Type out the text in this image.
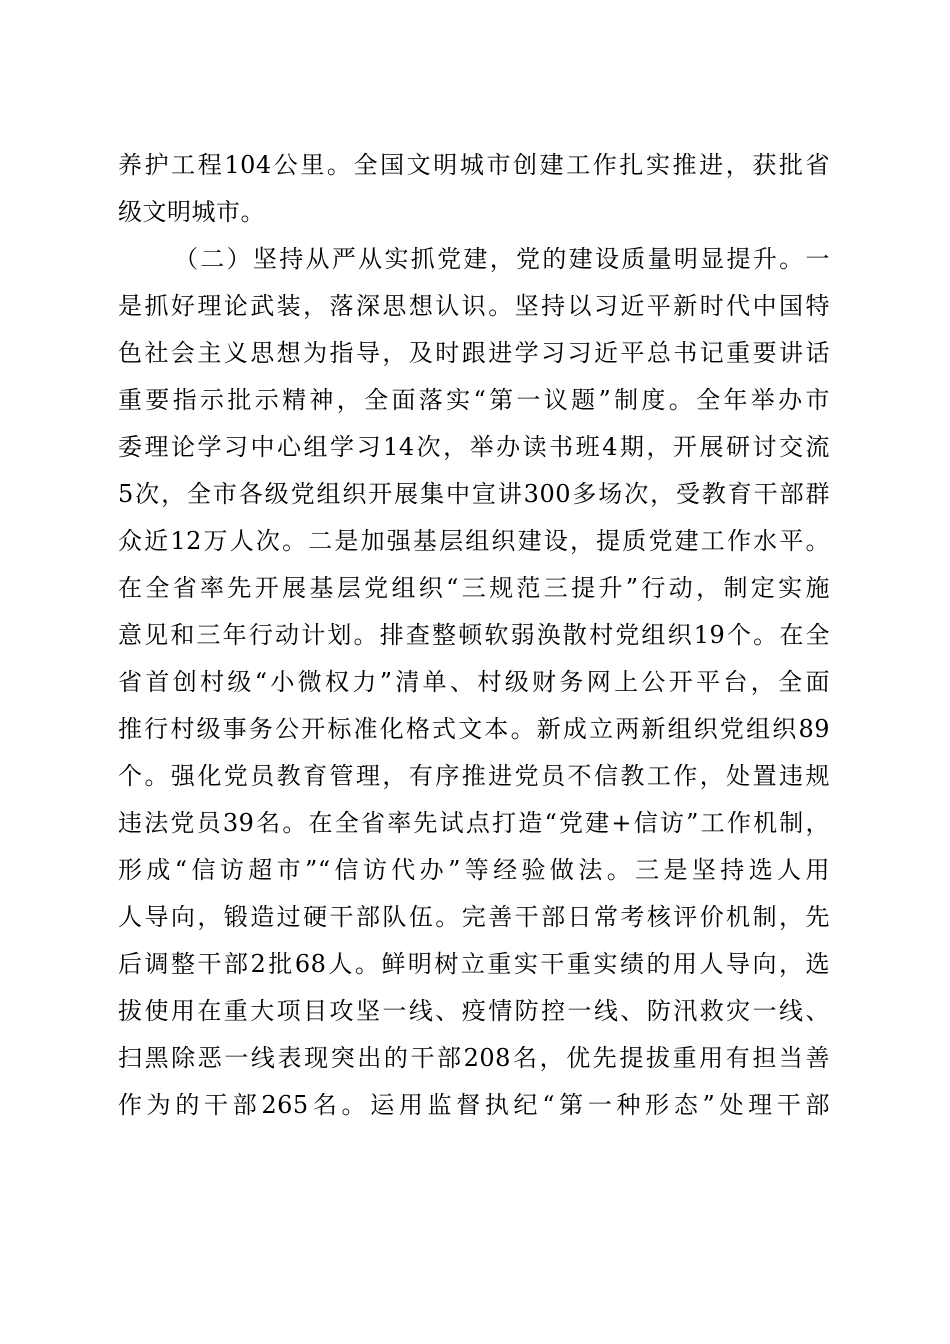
养护工程104公里。全国文明城市创建工作扎实推进，获批省
级文明城市。
（二）坚持从严从实抓党建，党的建设质量明显提升。一
是抓好理论武装，落深思想认识。坚持以习近平新时代中国特
色社会主义思想为指导，及时跟进学习习近平总书记重要讲话
重要指示批示精神，全面落实“第一议题”制度。全年举办市
委理论学习中心组学习14次，举办读书班4期，开展研讨交流
5次，全市各级党组织开展集中宣讲300多场次，受教育干部群
众近12万人次。二是加强基层组织建设，提质党建工作水平。
在全省率先开展基层党组织“三规范三提升”行动，制定实施
意见和三年行动计划。排查整顿软弱涣散村党组织19个。在全
省首创村级“小微权力”清单、村级财务网上公开平台，全面
推行村级事务公开标准化格式文本。新成立两新组织党组织89
个。强化党员教育管理，有序推进党员不信教工作，处置违规
违法党员39名。在全省率先试点打造“党建+信访”工作机制，
形成“信访超市”“信访代办”等经验做法。三是坚持选人用
人导向，锻造过硬干部队伍。完善干部日常考核评价机制，先
后调整干部2批68人。鲜明树立重实干重实绩的用人导向，选
拔使用在重大项目攻坚一线、疫情防控一线、防汛救灾一线、
扫黑除恶一线表现突出的干部208名，优先提拔重用有担当善
作为的干部265名。运用监督执纪“第一种形态”处理干部
